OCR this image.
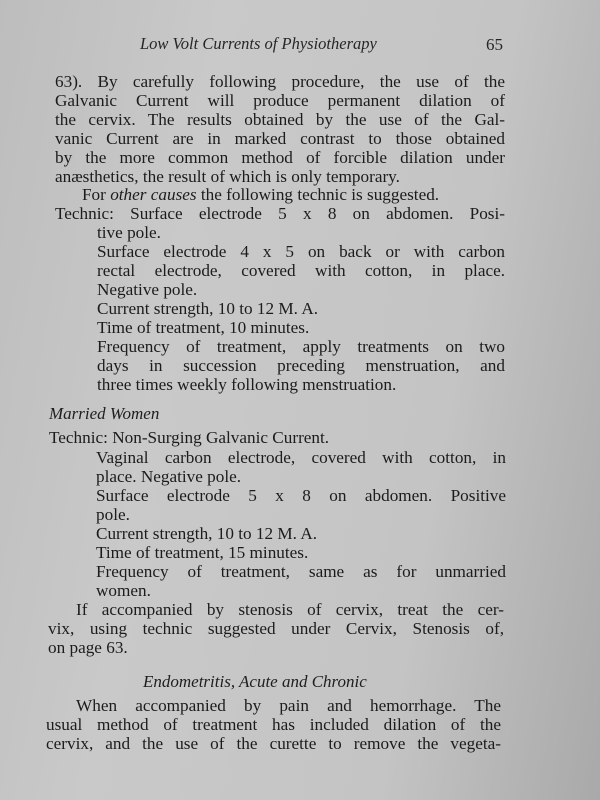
Low Volt Currents of Physiotherapy	65
63). By carefully following procedure, the use of the
Galvanic Current will produce permanent dilation of
the cervix. The results obtained by the use of the Gal-
vanic Current are in marked contrast to those obtained
by the more common method of forcible dilation under
anæsthetics, the result of which is only temporary.
For other causes the following technic is suggested.
Technic: Surface electrode 5 x 8 on abdomen. Posi-
tive pole.
Surface electrode 4 x 5 on back or with carbon
rectal electrode, covered with cotton, in place.
Negative pole.
Current strength, 10 to 12 M. A.
Time of treatment, 10 minutes.
Frequency of treatment, apply treatments on two
days in succession preceding menstruation, and
three times weekly following menstruation.
Married Women
Technic: Non-Surging Galvanic Current.
Vaginal carbon electrode, covered with cotton, in
place. Negative pole.
Surface electrode 5 x 8 on abdomen. Positive
pole.
Current strength, 10 to 12 M. A.
Time of treatment, 15 minutes.
Frequency of treatment, same as for unmarried
women.
If accompanied by stenosis of cervix, treat the cer-
vix, using technic suggested under Cervix, Stenosis of,
on page 63.
Endometritis, Acute and Chronic
When accompanied by pain and hemorrhage. The
usual method of treatment has included dilation of the
cervix, and the use of the curette to remove the vegeta-
